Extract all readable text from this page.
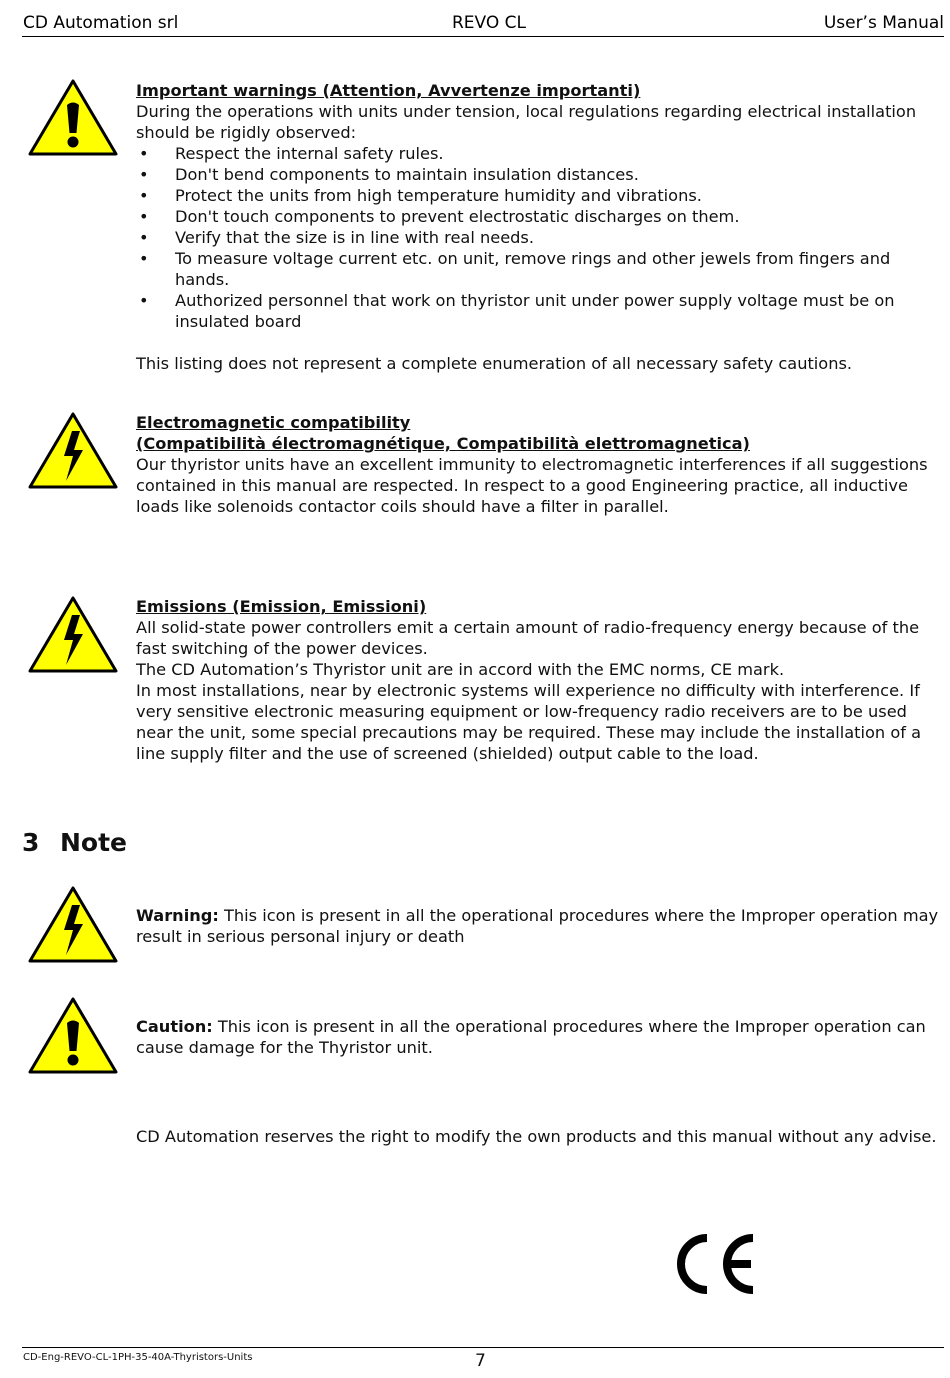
CD Automation srl	REVO CL	User’s Manual

Important warnings (Attention, Avvertenze importanti)

During the operations with units under tension, local regulations regarding electrical installation should be rigidly observed:

• Respect the internal safety rules.
• Don't bend components to maintain insulation distances.
• Protect the units from high temperature humidity and vibrations.
• Don't touch components to prevent electrostatic discharges on them.
• Verify that the size is in line with real needs.
• To measure voltage current etc. on unit, remove rings and other jewels from fingers and hands.
• Authorized personnel that work on thyristor unit under power supply voltage must be on insulated board

This listing does not represent a complete enumeration of all necessary safety cautions.

Electromagnetic compatibility

(Compatibilità électromagnétique, Compatibilità elettromagnetica)

Our thyristor units have an excellent immunity to electromagnetic interferences if all suggestions contained in this manual are respected. In respect to a good Engineering practice, all inductive loads like solenoids contactor coils should have a filter in parallel.

Emissions (Emission, Emissioni)

All solid-state power controllers emit a certain amount of radio-frequency energy because of the fast switching of the power devices.

The CD Automation’s Thyristor unit are in accord with the EMC norms, CE mark.

In most installations, near by electronic systems will experience no difficulty with interference. If very sensitive electronic measuring equipment or low-frequency radio receivers are to be used near the unit, some special precautions may be required. These may include the installation of a line supply filter and the use of screened (shielded) output cable to the load.

3 Note

Warning: This icon is present in all the operational procedures where the Improper operation may result in serious personal injury or death

Caution: This icon is present in all the operational procedures where the Improper operation can cause damage for the Thyristor unit.

CD Automation reserves the right to modify the own products and this manual without any advise.

CD-Eng-REVO-CL-1PH-35-40A-Thyristors-Units	7
